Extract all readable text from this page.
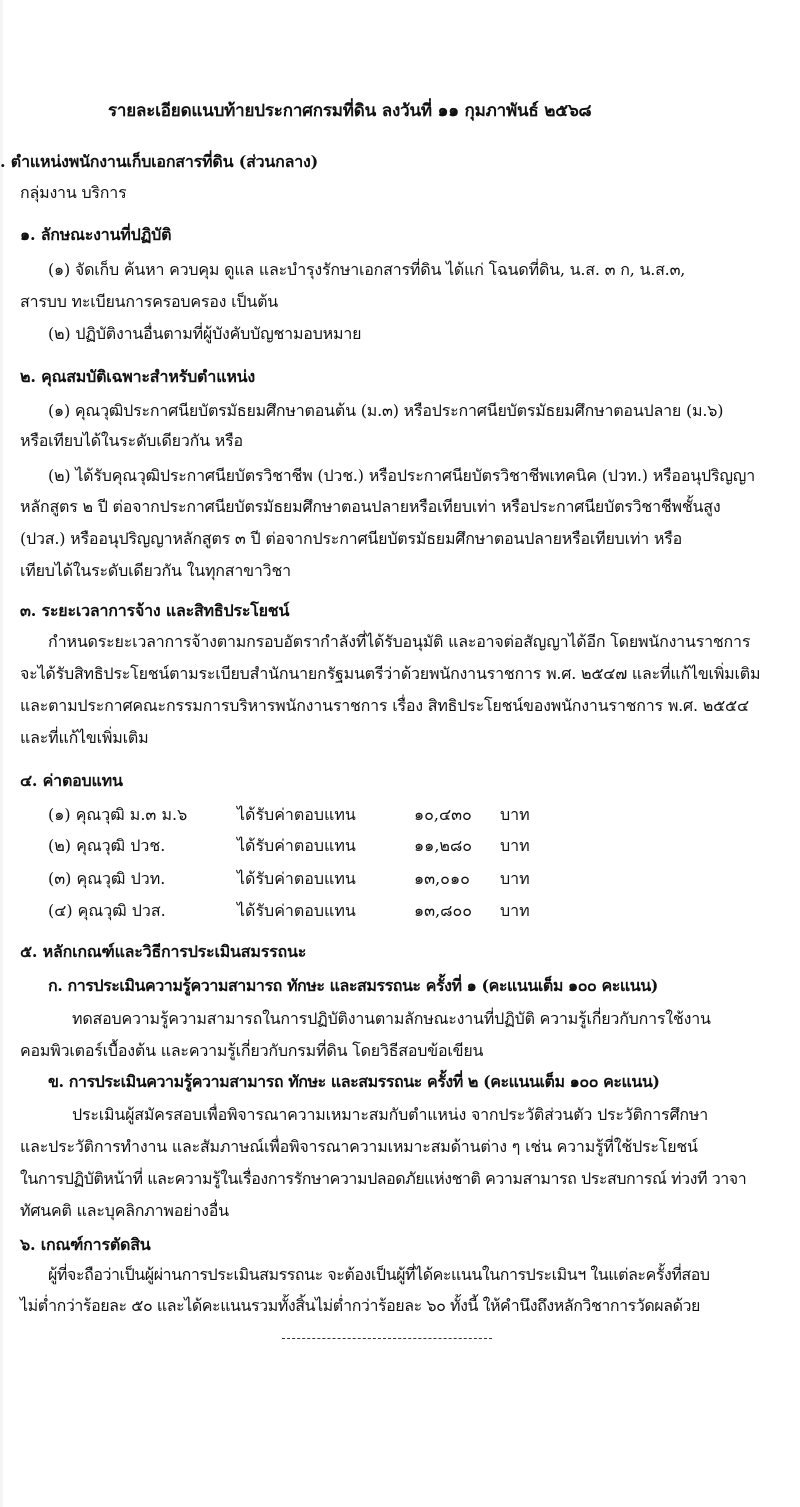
รายละเอียดแนบท้ายประกาศกรมที่ดิน ลงวันที่ ๑๑ กุมภาพันธ์ ๒๕๖๘
. ตำแหน่งพนักงานเก็บเอกสารที่ดิน (ส่วนกลาง)
กลุ่มงาน บริการ
๑. ลักษณะงานที่ปฏิบัติ
(๑) จัดเก็บ ค้นหา ควบคุม ดูแล และบำรุงรักษาเอกสารที่ดิน ได้แก่ โฉนดที่ดิน, น.ส. ๓ ก, น.ส.๓,
สารบบ ทะเบียนการครอบครอง เป็นต้น
(๒) ปฏิบัติงานอื่นตามที่ผู้บังคับบัญชามอบหมาย
๒. คุณสมบัติเฉพาะสำหรับตำแหน่ง
(๑) คุณวุฒิประกาศนียบัตรมัธยมศึกษาตอนต้น (ม.๓) หรือประกาศนียบัตรมัธยมศึกษาตอนปลาย (ม.๖)
หรือเทียบได้ในระดับเดียวกัน หรือ
(๒) ได้รับคุณวุฒิประกาศนียบัตรวิชาชีพ (ปวช.) หรือประกาศนียบัตรวิชาชีพเทคนิค (ปวท.) หรืออนุปริญญา
หลักสูตร ๒ ปี ต่อจากประกาศนียบัตรมัธยมศึกษาตอนปลายหรือเทียบเท่า หรือประกาศนียบัตรวิชาชีพชั้นสูง
(ปวส.) หรืออนุปริญญาหลักสูตร ๓ ปี ต่อจากประกาศนียบัตรมัธยมศึกษาตอนปลายหรือเทียบเท่า หรือ
เทียบได้ในระดับเดียวกัน ในทุกสาขาวิชา
๓. ระยะเวลาการจ้าง และสิทธิประโยชน์
กำหนดระยะเวลาการจ้างตามกรอบอัตรากำลังที่ได้รับอนุมัติ และอาจต่อสัญญาได้อีก โดยพนักงานราชการ
จะได้รับสิทธิประโยชน์ตามระเบียบสำนักนายกรัฐมนตรีว่าด้วยพนักงานราชการ พ.ศ. ๒๕๔๗ และที่แก้ไขเพิ่มเติม
และตามประกาศคณะกรรมการบริหารพนักงานราชการ เรื่อง สิทธิประโยชน์ของพนักงานราชการ พ.ศ. ๒๕๕๔
และที่แก้ไขเพิ่มเติม
๔. ค่าตอบแทน
(๑) คุณวุฒิ ม.๓ ม.๖	ได้รับค่าตอบแทน	๑๐,๔๓๐ บาท
(๒) คุณวุฒิ ปวช.	ได้รับค่าตอบแทน	๑๑,๒๘๐ บาท
(๓) คุณวุฒิ ปวท.	ได้รับค่าตอบแทน	๑๓,๐๑๐ บาท
(๔) คุณวุฒิ ปวส.	ได้รับค่าตอบแทน	๑๓,๘๐๐ บาท
๕. หลักเกณฑ์และวิธีการประเมินสมรรถนะ
ก. การประเมินความรู้ความสามารถ ทักษะ และสมรรถนะ ครั้งที่ ๑ (คะแนนเต็ม ๑๐๐ คะแนน)
ทดสอบความรู้ความสามารถในการปฏิบัติงานตามลักษณะงานที่ปฏิบัติ ความรู้เกี่ยวกับการใช้งาน
คอมพิวเตอร์เบื้องต้น และความรู้เกี่ยวกับกรมที่ดิน โดยวิธีสอบข้อเขียน
ข. การประเมินความรู้ความสามารถ ทักษะ และสมรรถนะ ครั้งที่ ๒ (คะแนนเต็ม ๑๐๐ คะแนน)
ประเมินผู้สมัครสอบเพื่อพิจารณาความเหมาะสมกับตำแหน่ง จากประวัติส่วนตัว ประวัติการศึกษา
และประวัติการทำงาน และสัมภาษณ์เพื่อพิจารณาความเหมาะสมด้านต่าง ๆ เช่น ความรู้ที่ใช้ประโยชน์
ในการปฏิบัติหน้าที่ และความรู้ในเรื่องการรักษาความปลอดภัยแห่งชาติ ความสามารถ ประสบการณ์ ท่วงที วาจา
ทัศนคติ และบุคลิกภาพอย่างอื่น
๖. เกณฑ์การตัดสิน
ผู้ที่จะถือว่าเป็นผู้ผ่านการประเมินสมรรถนะ จะต้องเป็นผู้ที่ได้คะแนนในการประเมินฯ ในแต่ละครั้งที่สอบ
ไม่ต่ำกว่าร้อยละ ๕๐ และได้คะแนนรวมทั้งสิ้นไม่ต่ำกว่าร้อยละ ๖๐ ทั้งนี้ ให้คำนึงถึงหลักวิชาการวัดผลด้วย
